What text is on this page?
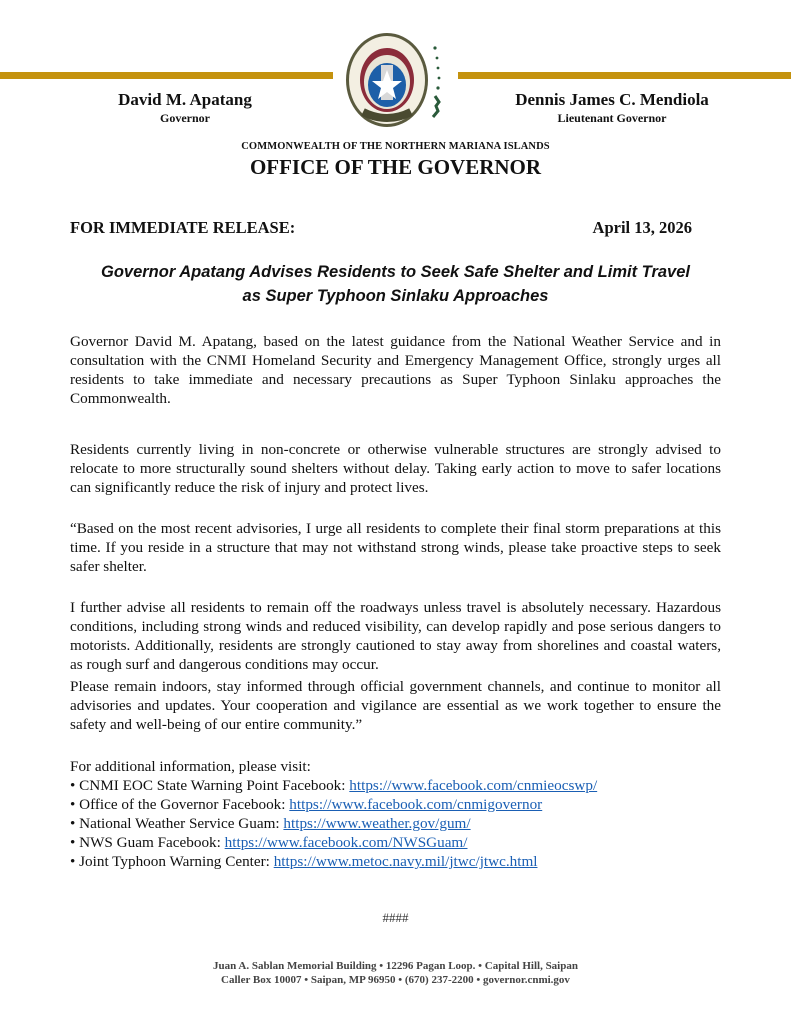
David M. Apatang
Governor
Dennis James C. Mendiola
Lieutenant Governor
COMMONWEALTH OF THE NORTHERN MARIANA ISLANDS
OFFICE OF THE GOVERNOR
FOR IMMEDIATE RELEASE:	April 13, 2026
Governor Apatang Advises Residents to Seek Safe Shelter and Limit Travel
as Super Typhoon Sinlaku Approaches

Governor David M. Apatang, based on the latest guidance from the National Weather Service and in consultation with the CNMI Homeland Security and Emergency Management Office, strongly urges all residents to take immediate and necessary precautions as Super Typhoon Sinlaku approaches the Commonwealth.

Residents currently living in non-concrete or otherwise vulnerable structures are strongly advised to relocate to more structurally sound shelters without delay. Taking early action to move to safer locations can significantly reduce the risk of injury and protect lives.

“Based on the most recent advisories, I urge all residents to complete their final storm preparations at this time. If you reside in a structure that may not withstand strong winds, please take proactive steps to seek safer shelter.

I further advise all residents to remain off the roadways unless travel is absolutely necessary. Hazardous conditions, including strong winds and reduced visibility, can develop rapidly and pose serious dangers to motorists. Additionally, residents are strongly cautioned to stay away from shorelines and coastal waters, as rough surf and dangerous conditions may occur.

Please remain indoors, stay informed through official government channels, and continue to monitor all advisories and updates. Your cooperation and vigilance are essential as we work together to ensure the safety and well-being of our entire community.”

For additional information, please visit:
• CNMI EOC State Warning Point Facebook: https://www.facebook.com/cnmieocswp/
• Office of the Governor Facebook: https://www.facebook.com/cnmigovernor
• National Weather Service Guam: https://www.weather.gov/gum/
• NWS Guam Facebook: https://www.facebook.com/NWSGuam/
• Joint Typhoon Warning Center: https://www.metoc.navy.mil/jtwc/jtwc.html
####
Juan A. Sablan Memorial Building • 12296 Pagan Loop. • Capital Hill, Saipan
Caller Box 10007 • Saipan, MP 96950 • (670) 237-2200 • governor.cnmi.gov
